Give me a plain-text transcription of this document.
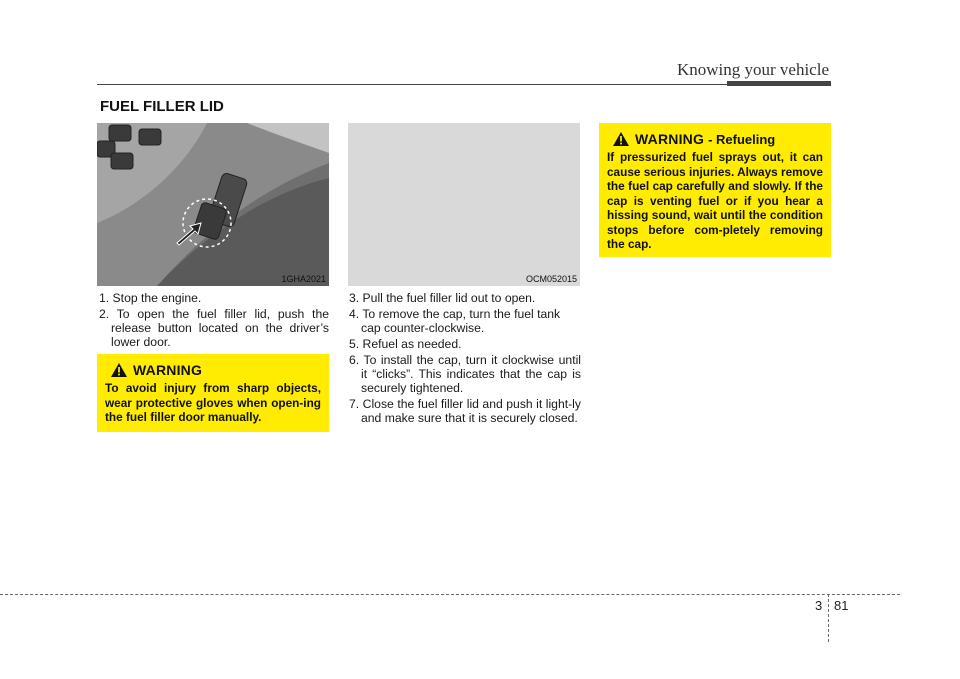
Knowing your vehicle
FUEL FILLER LID
1GHA2021	OCM052015
1. Stop the engine.
2. To open the fuel filler lid, push the release button located on the driver’s lower door.
WARNING
To avoid injury from sharp objects, wear protective gloves when open-ing the fuel filler door manually.
3. Pull the fuel filler lid out to open.
4. To remove the cap, turn the fuel tank cap counter-clockwise.
5. Refuel as needed.
6. To install the cap, turn it clockwise until it “clicks”. This indicates that the cap is securely tightened.
7. Close the fuel filler lid and push it light-ly and make sure that it is securely closed.
WARNING - Refueling
If pressurized fuel sprays out, it can cause serious injuries. Always remove the fuel cap carefully and slowly. If the cap is venting fuel or if you hear a hissing sound, wait until the condition stops before com-pletely removing the cap.
3 81
